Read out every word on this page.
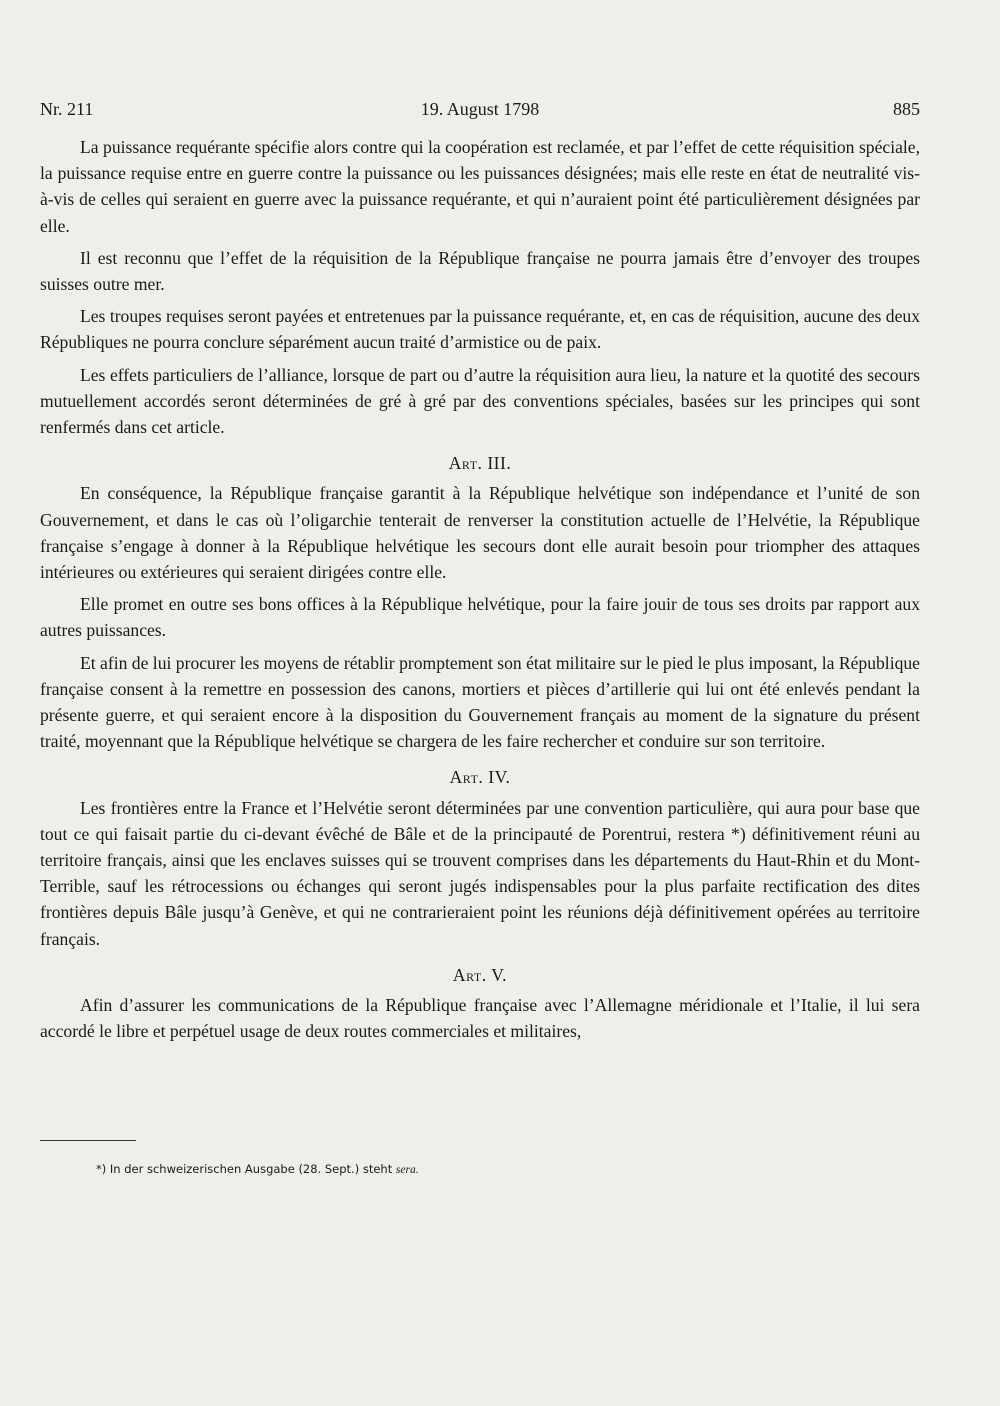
Nr. 211	19. August 1798	885

La puissance requérante spécifie alors contre qui la coopération est reclamée, et par l’effet de cette réquisition spéciale, la puissance requise entre en guerre contre la puissance ou les puissances désignées; mais elle reste en état de neutralité vis-à-vis de celles qui seraient en guerre avec la puissance requérante, et qui n’auraient point été particulièrement désignées par elle.

Il est reconnu que l’effet de la réquisition de la République française ne pourra jamais être d’envoyer des troupes suisses outre mer.

Les troupes requises seront payées et entretenues par la puissance requérante, et, en cas de réquisition, aucune des deux Républiques ne pourra conclure séparément aucun traité d’armistice ou de paix.

Les effets particuliers de l’alliance, lorsque de part ou d’autre la réquisition aura lieu, la nature et la quotité des secours mutuellement accordés seront déterminées de gré à gré par des conventions spéciales, basées sur les principes qui sont renfermés dans cet article.

Art. III.

En conséquence, la République française garantit à la République helvétique son indépendance et l’unité de son Gouvernement, et dans le cas où l’oligarchie tenterait de renverser la constitution actuelle de l’Helvétie, la République française s’engage à donner à la République helvétique les secours dont elle aurait besoin pour triompher des attaques intérieures ou extérieures qui seraient dirigées contre elle.

Elle promet en outre ses bons offices à la République helvétique, pour la faire jouir de tous ses droits par rapport aux autres puissances.

Et afin de lui procurer les moyens de rétablir promptement son état militaire sur le pied le plus imposant, la République française consent à la remettre en possession des canons, mortiers et pièces d’artillerie qui lui ont été enlevés pendant la présente guerre, et qui seraient encore à la disposition du Gouvernement français au moment de la signature du présent traité, moyennant que la République helvétique se chargera de les faire rechercher et conduire sur son territoire.

Art. IV.

Les frontières entre la France et l’Helvétie seront déterminées par une convention particulière, qui aura pour base que tout ce qui faisait partie du ci-devant évêché de Bâle et de la principauté de Porentrui, restera *) définitivement réuni au territoire français, ainsi que les enclaves suisses qui se trouvent comprises dans les départements du Haut-Rhin et du Mont-Terrible, sauf les rétrocessions ou échanges qui seront jugés indispensables pour la plus parfaite rectification des dites frontières depuis Bâle jusqu’à Genève, et qui ne contrarieraient point les réunions déjà définitivement opérées au territoire français.

Art. V.

Afin d’assurer les communications de la République française avec l’Allemagne méridionale et l’Italie, il lui sera accordé le libre et perpétuel usage de deux routes commerciales et militaires,

*) In der schweizerischen Ausgabe (28. Sept.) steht sera.
